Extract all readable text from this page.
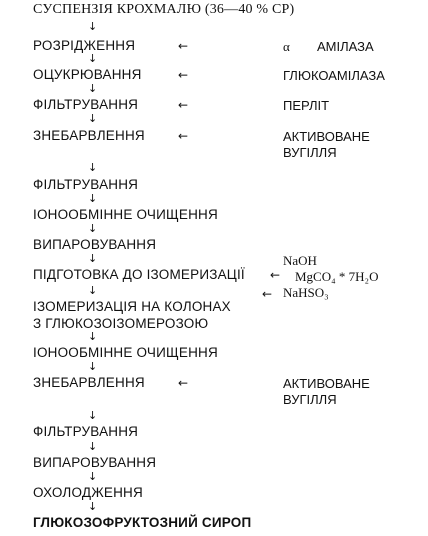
СУСПЕНЗІЯ КРОХМАЛЮ (36—40 % СР)
РОЗРІДЖЕННЯ
ОЦУКРЮВАННЯ
ФІЛЬТРУВАННЯ
ЗНЕБАРВЛЕННЯ
ФІЛЬТРУВАННЯ
ІОНООБМІННЕ ОЧИЩЕННЯ
ВИПАРОВУВАННЯ
ПІДГОТОВКА ДО ІЗОМЕРИЗАЦІЇ
ІЗОМЕРИЗАЦІЯ НА КОЛОНАХ
З ГЛЮКОЗОІЗОМЕРОЗОЮ
ІОНООБМІННЕ ОЧИЩЕННЯ
ЗНЕБАРВЛЕННЯ
ФІЛЬТРУВАННЯ
ВИПАРОВУВАННЯ
ОХОЛОДЖЕННЯ
ГЛЮКОЗОФРУКТОЗНИЙ СИРОП
↓
↓
↓
↓
↓
↓
↓
↓
↓
↓
↓
↓
↓
↓
↓
←
←
←
←
←
←
←
α АМІЛАЗА
ГЛЮКОАМІЛАЗА
ПЕРЛІТ
АКТИВОВАНЕ
ВУГІЛЛЯ
NaOH
MgCO₄ * 7H₂O
NaHSO₃
АКТИВОВАНЕ
ВУГІЛЛЯ
